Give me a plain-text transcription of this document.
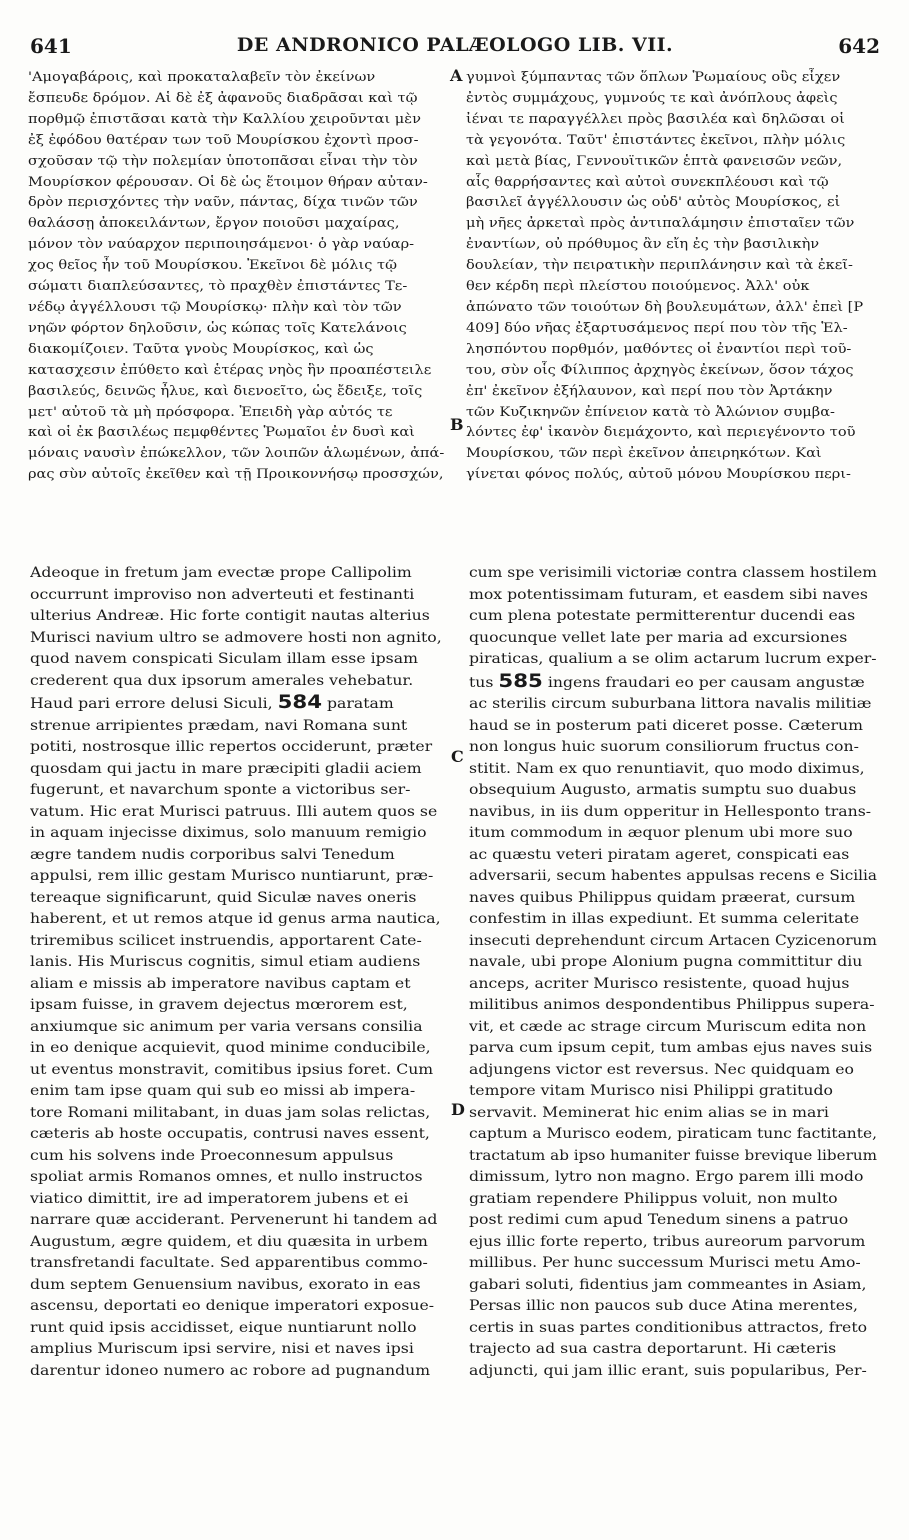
641	DE ANDRONICO PALÆOLOGO LIB. VII.	642
'Αμογαβάροις, καὶ προκαταλαβεῖν τὸν ἐκείνων
ἔσπευδε δρόμον. Αἱ δὲ ἐξ ἀφανοῦς διαδρᾶσαι καὶ τῷ
πορθμῷ ἐπιστᾶσαι κατὰ τὴν Καλλίου χειροῦνται μὲν
ἐξ ἐφόδου θατέραν των τοῦ Μουρίσκου ἐχοντὶ προσ-
σχοῦσαν τῷ τὴν πολεμίαν ὑποτοπᾶσαι εἶναι τὴν τὸν
Μουρίσκον φέρουσαν. Οἱ δὲ ὡς ἕτοιμον θήραν αὐταν-
δρὸν περισχόντες τὴν ναῦν, πάντας, δίχα τινῶν τῶν
θαλάσσῃ ἀποκειλάντων, ἔργον ποιοῦσι μαχαίρας,
μόνον τὸν ναύαρχον περιποιησάμενοι· ὁ γὰρ ναύαρ-
χος θεῖος ἦν τοῦ Μουρίσκου. Ἐκεῖνοι δὲ μόλις τῷ
σώματι διαπλεύσαντες, τὸ πραχθὲν ἐπιστάντες Τε-
νέδῳ ἀγγέλλουσι τῷ Μουρίσκῳ· πλὴν καὶ τὸν τῶν
νηῶν φόρτον δηλοῦσιν, ὡς κώπας τοῖς Κατελάνοις
διακομίζοιεν. Ταῦτα γνοὺς Μουρίσκος, καὶ ὡς
κατασχεσιν ἐπύθετο καὶ ἑτέρας νηὸς ἣν προαπέστειλε
βασιλεύς, δεινῶς ἦλυε, καὶ διενοεῖτο, ὡς ἔδειξε, τοῖς
μετ' αὐτοῦ τὰ μὴ πρόσφορα. Ἐπειδὴ γὰρ αὐτός τε
καὶ οἱ ἐκ βασιλέως πεμφθέντες Ῥωμαῖοι ἐν δυσὶ καὶ
μόναις ναυσὶν ἐπώκελλον, τῶν λοιπῶν ἁλωμένων, ἀπά-
ρας σὺν αὐτοῖς ἐκεῖθεν καὶ τῇ Προικοννήσῳ προσσχών,
γυμνοὶ ξύμπαντας τῶν ὅπλων Ῥωμαίους οὓς εἶχεν
ἐντὸς συμμάχους, γυμνούς τε καὶ ἀνόπλους ἀφεὶς
ἰέναι τε παραγγέλλει πρὸς βασιλέα καὶ δηλῶσαι οἱ
τὰ γεγονότα. Ταῦτ' ἐπιστάντες ἐκεῖνοι, πλὴν μόλις
καὶ μετὰ βίας, Γεννουϊτικῶν ἑπτὰ φανεισῶν νεῶν,
αἷς θαρρήσαντες καὶ αὐτοὶ συνεκπλέουσι καὶ τῷ
βασιλεῖ ἀγγέλλουσιν ὡς οὐδ' αὐτὸς Μουρίσκος, εἰ
μὴ νῆες ἀρκεταὶ πρὸς ἀντιπαλάμησιν ἐπισταῖεν τῶν
ἐναντίων, οὐ πρόθυμος ἂν εἴη ἐς τὴν βασιλικὴν
δουλείαν, τὴν πειρατικὴν περιπλάνησιν καὶ τὰ ἐκεῖ-
θεν κέρδη περὶ πλείστου ποιούμενος. Ἀλλ' οὐκ
ἀπώνατο τῶν τοιούτων δὴ βουλευμάτων, ἀλλ' ἐπεὶ [P
409] δύο νῆας ἐξαρτυσάμενος περί που τὸν τῆς Ἑλ-
λησπόντου πορθμόν, μαθόντες οἱ ἐναντίοι περὶ τοῦ-
του, σὺν οἷς Φίλιππος ἀρχηγὸς ἐκείνων, ὅσον τάχος
ἐπ' ἐκεῖνον ἐξήλαυνον, καὶ περί που τὸν Ἀρτάκην
τῶν Κυζικηνῶν ἐπίνειον κατὰ τὸ Ἀλώνιον συμβα-
λόντες ἐφ' ἱκανὸν διεμάχοντο, καὶ περιεγένοντο τοῦ
Μουρίσκου, τῶν περὶ ἐκεῖνον ἀπειρηκότων. Καὶ
γίνεται φόνος πολύς, αὐτοῦ μόνου Μουρίσκου περι-
A
B
C
D
Adeoque in fretum jam evectæ prope Callipolim
occurrunt improviso non adverteuti et festinanti
ulterius Andreæ. Hic forte contigit nautas alterius
Murisci navium ultro se admovere hosti non agnito,
quod navem conspicati Siculam illam esse ipsam
crederent qua dux ipsorum amerales vehebatur.
Haud pari errore delusi Siculi, 584 paratam
strenue arripientes prædam, navi Romana sunt
potiti, nostrosque illic repertos occiderunt, præter
quosdam qui jactu in mare præcipiti gladii aciem
fugerunt, et navarchum sponte a victoribus ser-
vatum. Hic erat Murisci patruus. Illi autem quos se
in aquam injecisse diximus, solo manuum remigio
ægre tandem nudis corporibus salvi Tenedum
appulsi, rem illic gestam Murisco nuntiarunt, præ-
tereaque significarunt, quid Siculæ naves oneris
haberent, et ut remos atque id genus arma nautica,
triremibus scilicet instruendis, apportarent Cate-
lanis. His Muriscus cognitis, simul etiam audiens
aliam e missis ab imperatore navibus captam et
ipsam fuisse, in gravem dejectus mœrorem est,
anxiumque sic animum per varia versans consilia
in eo denique acquievit, quod minime conducibile,
ut eventus monstravit, comitibus ipsius foret. Cum
enim tam ipse quam qui sub eo missi ab impera-
tore Romani militabant, in duas jam solas relictas,
cæteris ab hoste occupatis, contrusi naves essent,
cum his solvens inde Proeconnesum appulsus
spoliat armis Romanos omnes, et nullo instructos
viatico dimittit, ire ad imperatorem jubens et ei
narrare quæ acciderant. Pervenerunt hi tandem ad
Augustum, ægre quidem, et diu quæsita in urbem
transfretandi facultate. Sed apparentibus commo-
dum septem Genuensium navibus, exorato in eas
ascensu, deportati eo denique imperatori exposue-
runt quid ipsis accidisset, eique nuntiarunt nollo
amplius Muriscum ipsi servire, nisi et naves ipsi
darentur idoneo numero ac robore ad pugnandum
cum spe verisimili victoriæ contra classem hostilem
mox potentissimam futuram, et easdem sibi naves
cum plena potestate permitterentur ducendi eas
quocunque vellet late per maria ad excursiones
piraticas, qualium a se olim actarum lucrum exper-
tus 585 ingens fraudari eo per causam angustæ
ac sterilis circum suburbana littora navalis militiæ
haud se in posterum pati diceret posse. Cæterum
non longus huic suorum consiliorum fructus con-
stitit. Nam ex quo renuntiavit, quo modo diximus,
obsequium Augusto, armatis sumptu suo duabus
navibus, in iis dum opperitur in Hellesponto trans-
itum commodum in æquor plenum ubi more suo
ac quæstu veteri piratam ageret, conspicati eas
adversarii, secum habentes appulsas recens e Sicilia
naves quibus Philippus quidam præerat, cursum
confestim in illas expediunt. Et summa celeritate
insecuti deprehendunt circum Artacen Cyzicenorum
navale, ubi prope Alonium pugna committitur diu
anceps, acriter Murisco resistente, quoad hujus
militibus animos despondentibus Philippus supera-
vit, et cæde ac strage circum Muriscum edita non
parva cum ipsum cepit, tum ambas ejus naves suis
adjungens victor est reversus. Nec quidquam eo
tempore vitam Murisco nisi Philippi gratitudo
servavit. Meminerat hic enim alias se in mari
captum a Murisco eodem, piraticam tunc factitante,
tractatum ab ipso humaniter fuisse brevique liberum
dimissum, lytro non magno. Ergo parem illi modo
gratiam rependere Philippus voluit, non multo
post redimi cum apud Tenedum sinens a patruo
ejus illic forte reperto, tribus aureorum parvorum
millibus. Per hunc successum Murisci metu Amo-
gabari soluti, fidentius jam commeantes in Asiam,
Persas illic non paucos sub duce Atina merentes,
certis in suas partes conditionibus attractos, freto
trajecto ad sua castra deportarunt. Hi cæteris
adjuncti, qui jam illic erant, suis popularibus, Per-
